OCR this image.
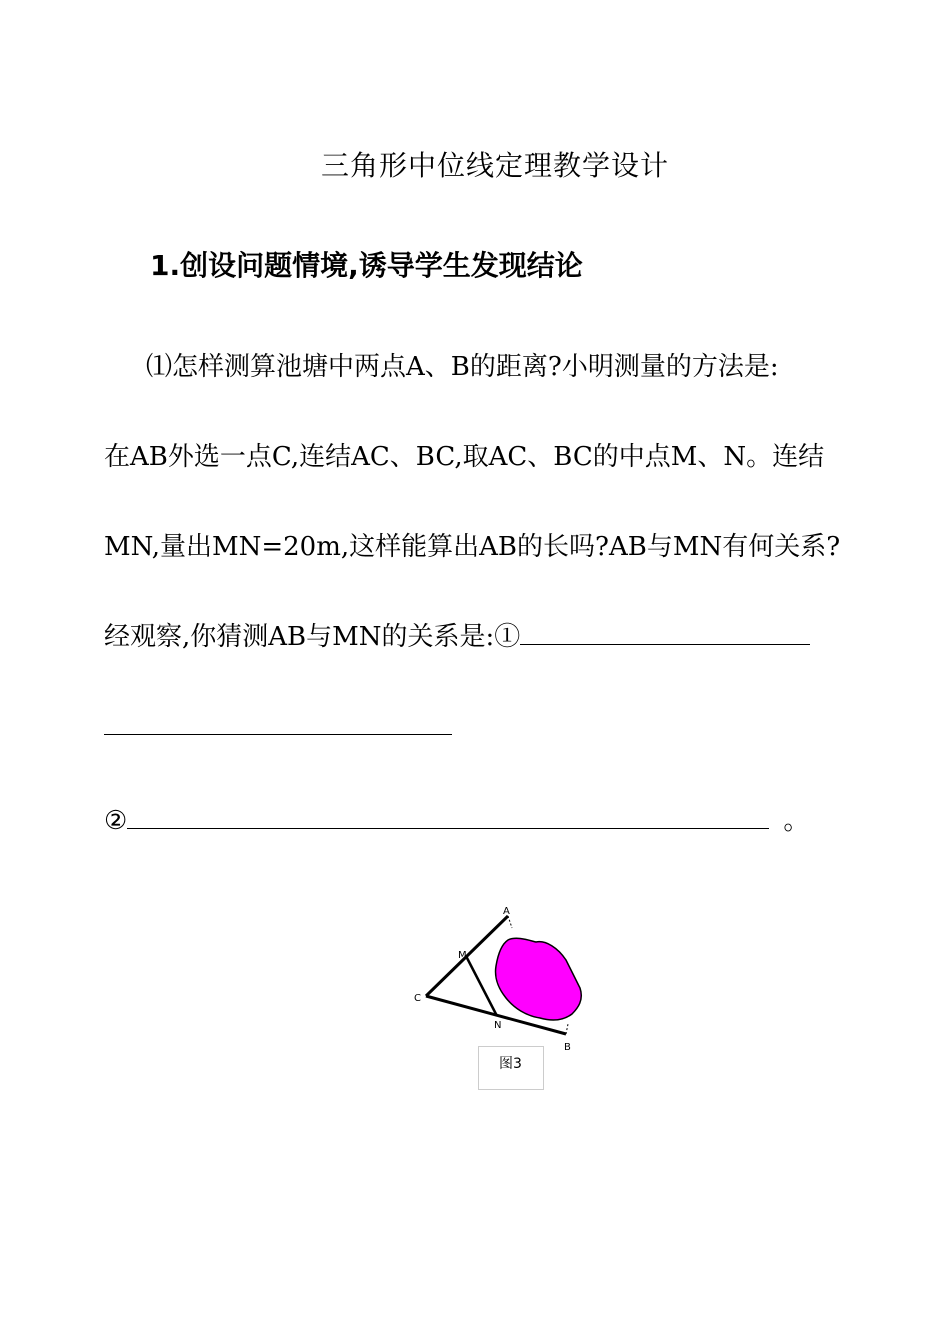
三角形中位线定理教学设计
1.创设问题情境,诱导学生发现结论
⑴怎样测算池塘中两点A、B的距离?小明测量的方法是:
在AB外选一点C,连结AC、BC,取AC、BC的中点M、N。连结
MN,量出MN=20m,这样能算出AB的长吗?AB与MN有何关系?
经观察,你猜测AB与MN的关系是:①
②	。
A
B
C
M
N
图3
